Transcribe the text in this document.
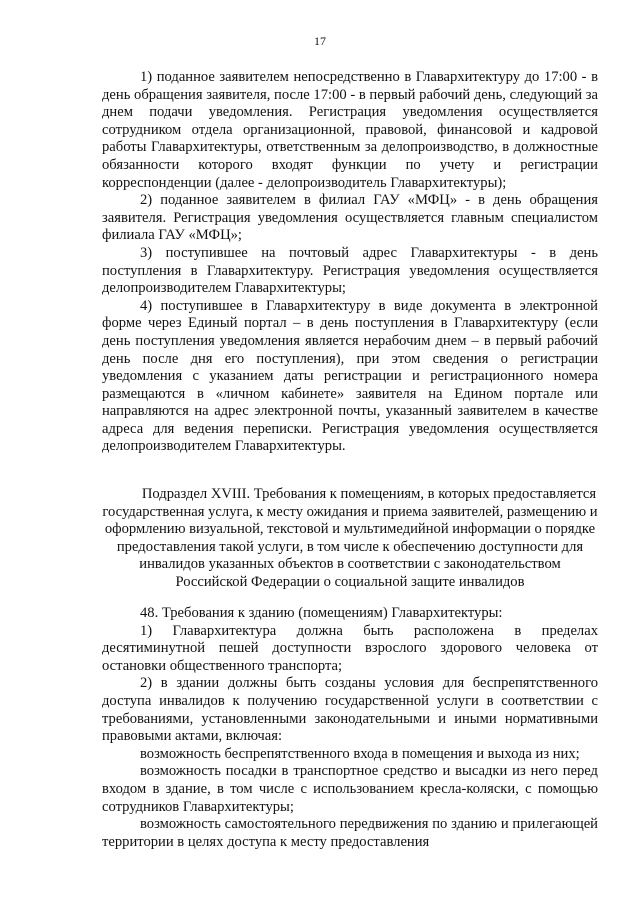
17

1) поданное заявителем непосредственно в Главархитектуру до 17:00 - в день обращения заявителя, после 17:00 - в первый рабочий день, следующий за днем подачи уведомления. Регистрация уведомления осуществляется сотрудником отдела организационной, правовой, финансовой и кадровой работы Главархитектуры, ответственным за делопроизводство, в должностные обязанности которого входят функции по учету и регистрации корреспонденции (далее - делопроизводитель Главархитектуры);

2) поданное заявителем в филиал ГАУ «МФЦ» - в день обращения заявителя. Регистрация уведомления осуществляется главным специалистом филиала ГАУ «МФЦ»;

3) поступившее на почтовый адрес Главархитектуры - в день поступления в Главархитектуру. Регистрация уведомления осуществляется делопроизводителем Главархитектуры;

4) поступившее в Главархитектуру в виде документа в электронной форме через Единый портал – в день поступления в Главархитектуру (если день поступления уведомления является нерабочим днем – в первый рабочий день после дня его поступления), при этом сведения о регистрации уведомления с указанием даты регистрации и регистрационного номера размещаются в «личном кабинете» заявителя на Едином портале или направляются на адрес электронной почты, указанный заявителем в качестве адреса для ведения переписки. Регистрация уведомления осуществляется делопроизводителем Главархитектуры.

Подраздел XVIII. Требования к помещениям, в которых предоставляется государственная услуга, к месту ожидания и приема заявителей, размещению и оформлению визуальной, текстовой и мультимедийной информации о порядке предоставления такой услуги, в том числе к обеспечению доступности для инвалидов указанных объектов в соответствии с законодательством Российской Федерации о социальной защите инвалидов

48. Требования к зданию (помещениям) Главархитектуры:

1) Главархитектура должна быть расположена в пределах десятиминутной пешей доступности взрослого здорового человека от остановки общественного транспорта;

2) в здании должны быть созданы условия для беспрепятственного доступа инвалидов к получению государственной услуги в соответствии с требованиями, установленными законодательными и иными нормативными правовыми актами, включая:

возможность беспрепятственного входа в помещения и выхода из них;

возможность посадки в транспортное средство и высадки из него перед входом в здание, в том числе с использованием кресла-коляски, с помощью сотрудников Главархитектуры;

возможность самостоятельного передвижения по зданию и прилегающей территории в целях доступа к месту предоставления
